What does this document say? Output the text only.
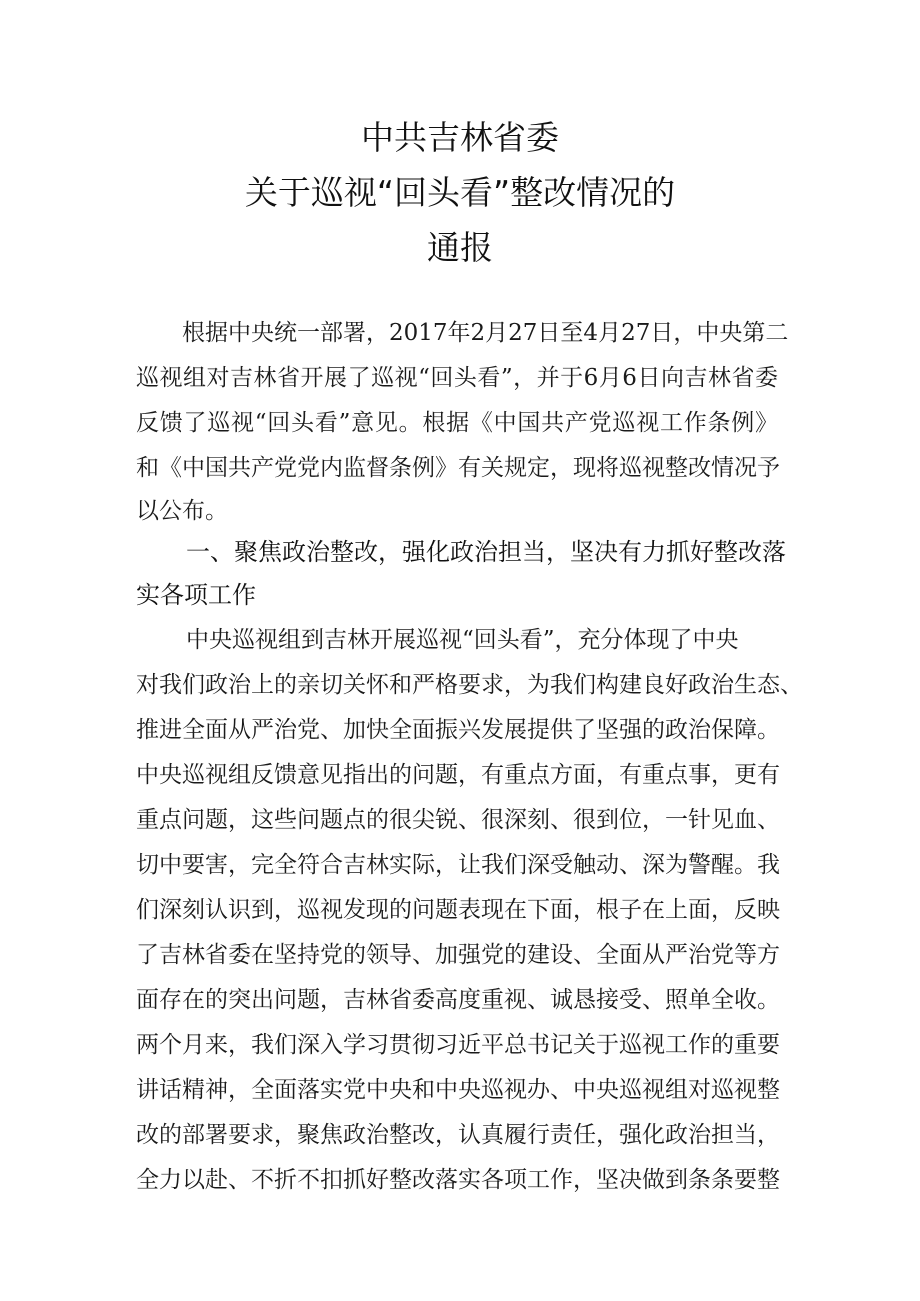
中共吉林省委
关于巡视“回头看”整改情况的
通报
根据中央统一部署，2017年2月27日至4月27日，中央第二
巡视组对吉林省开展了巡视“回头看”，并于6月6日向吉林省委
反馈了巡视“回头看”意见。根据《中国共产党巡视工作条例》
和《中国共产党党内监督条例》有关规定，现将巡视整改情况予
以公布。
一、聚焦政治整改，强化政治担当，坚决有力抓好整改落
实各项工作
中央巡视组到吉林开展巡视“回头看”，充分体现了中央
对我们政治上的亲切关怀和严格要求，为我们构建良好政治生态、
推进全面从严治党、加快全面振兴发展提供了坚强的政治保障。
中央巡视组反馈意见指出的问题，有重点方面，有重点事，更有
重点问题，这些问题点的很尖锐、很深刻、很到位，一针见血、
切中要害，完全符合吉林实际，让我们深受触动、深为警醒。我
们深刻认识到，巡视发现的问题表现在下面，根子在上面，反映
了吉林省委在坚持党的领导、加强党的建设、全面从严治党等方
面存在的突出问题，吉林省委高度重视、诚恳接受、照单全收。
两个月来，我们深入学习贯彻习近平总书记关于巡视工作的重要
讲话精神，全面落实党中央和中央巡视办、中央巡视组对巡视整
改的部署要求，聚焦政治整改，认真履行责任，强化政治担当，
全力以赴、不折不扣抓好整改落实各项工作，坚决做到条条要整
